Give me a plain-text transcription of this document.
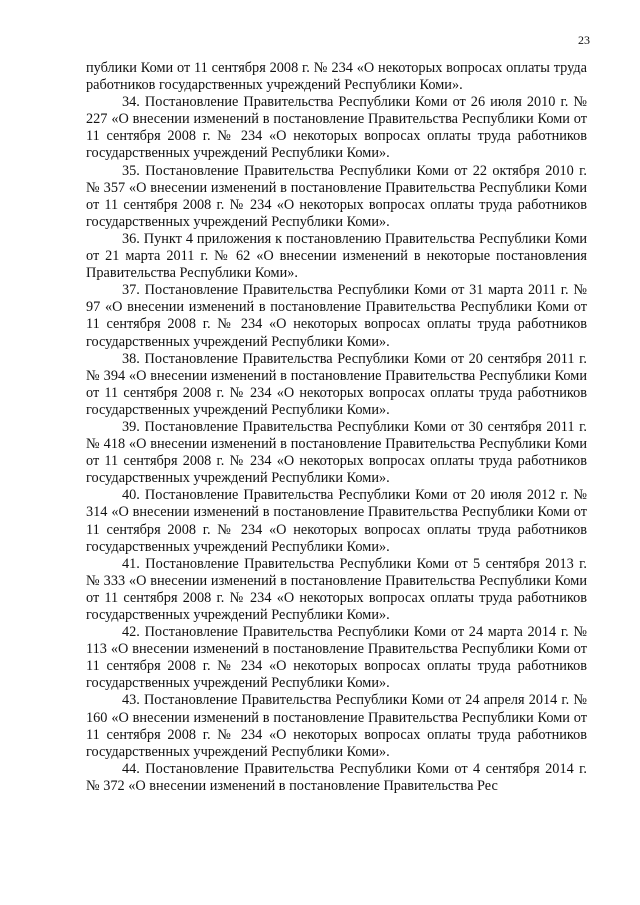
23

публики Коми от 11 сентября 2008 г. № 234 «О некоторых вопросах оплаты труда работников государственных учреждений Республики Коми».

34. Постановление Правительства Республики Коми от 26 июля 2010 г. № 227 «О внесении изменений в постановление Правительства Республики Коми от 11 сентября 2008 г. № 234 «О некоторых вопросах оплаты труда работников государственных учреждений Республики Коми».

35. Постановление Правительства Республики Коми от 22 октября 2010 г. № 357 «О внесении изменений в постановление Правительства Республики Коми от 11 сентября 2008 г. № 234 «О некоторых вопросах оплаты труда работников государственных учреждений Республики Коми».

36. Пункт 4 приложения к постановлению Правительства Республики Коми от 21 марта 2011 г. № 62 «О внесении изменений в некоторые постановления Правительства Республики Коми».

37. Постановление Правительства Республики Коми от 31 марта 2011 г. № 97 «О внесении изменений в постановление Правительства Республики Коми от 11 сентября 2008 г. № 234 «О некоторых вопросах оплаты труда работников государственных учреждений Республики Коми».

38. Постановление Правительства Республики Коми от 20 сентября 2011 г. № 394 «О внесении изменений в постановление Правительства Республики Коми от 11 сентября 2008 г. № 234 «О некоторых вопросах оплаты труда работников государственных учреждений Республики Коми».

39. Постановление Правительства Республики Коми от 30 сентября 2011 г. № 418 «О внесении изменений в постановление Правительства Республики Коми от 11 сентября 2008 г. № 234 «О некоторых вопросах оплаты труда работников государственных учреждений Республики Коми».

40. Постановление Правительства Республики Коми от 20 июля 2012 г. № 314 «О внесении изменений в постановление Правительства Республики Коми от 11 сентября 2008 г. № 234 «О некоторых вопросах оплаты труда работников государственных учреждений Республики Коми».

41. Постановление Правительства Республики Коми от 5 сентября 2013 г. № 333 «О внесении изменений в постановление Правительства Республики Коми от 11 сентября 2008 г. № 234 «О некоторых вопросах оплаты труда работников государственных учреждений Республики Коми».

42. Постановление Правительства Республики Коми от 24 марта 2014 г. № 113 «О внесении изменений в постановление Правительства Республики Коми от 11 сентября 2008 г. № 234 «О некоторых вопросах оплаты труда работников государственных учреждений Республики Коми».

43. Постановление Правительства Республики Коми от 24 апреля 2014 г. № 160 «О внесении изменений в постановление Правительства Республики Коми от 11 сентября 2008 г. № 234 «О некоторых вопросах оплаты труда работников государственных учреждений Республики Коми».

44. Постановление Правительства Республики Коми от 4 сентября 2014 г. № 372 «О внесении изменений в постановление Правительства Рес
